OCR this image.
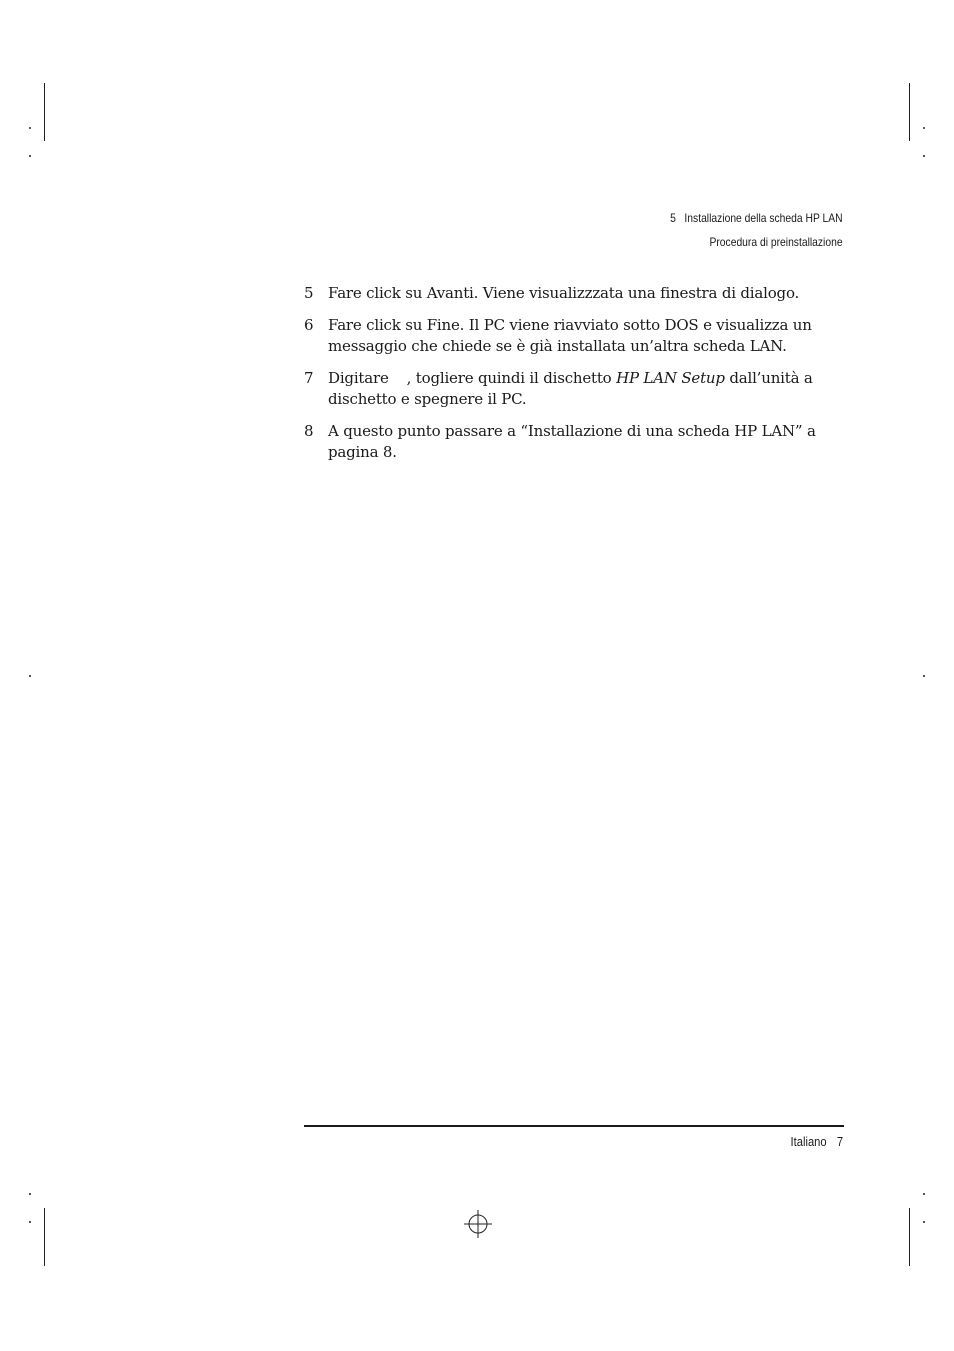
5 Installazione della scheda HP LAN
Procedura di preinstallazione
5 Fare click su Avanti. Viene visualizzzata una finestra di dialogo.
6 Fare click su Fine. Il PC viene riavviato sotto DOS e visualizza un messaggio che chiede se è già installata un’altra scheda LAN.
7 Digitare , togliere quindi il dischetto HP LAN Setup dall’unità a dischetto e spegnere il PC.
8 A questo punto passare a “Installazione di una scheda HP LAN” a pagina 8.
Italiano 7
